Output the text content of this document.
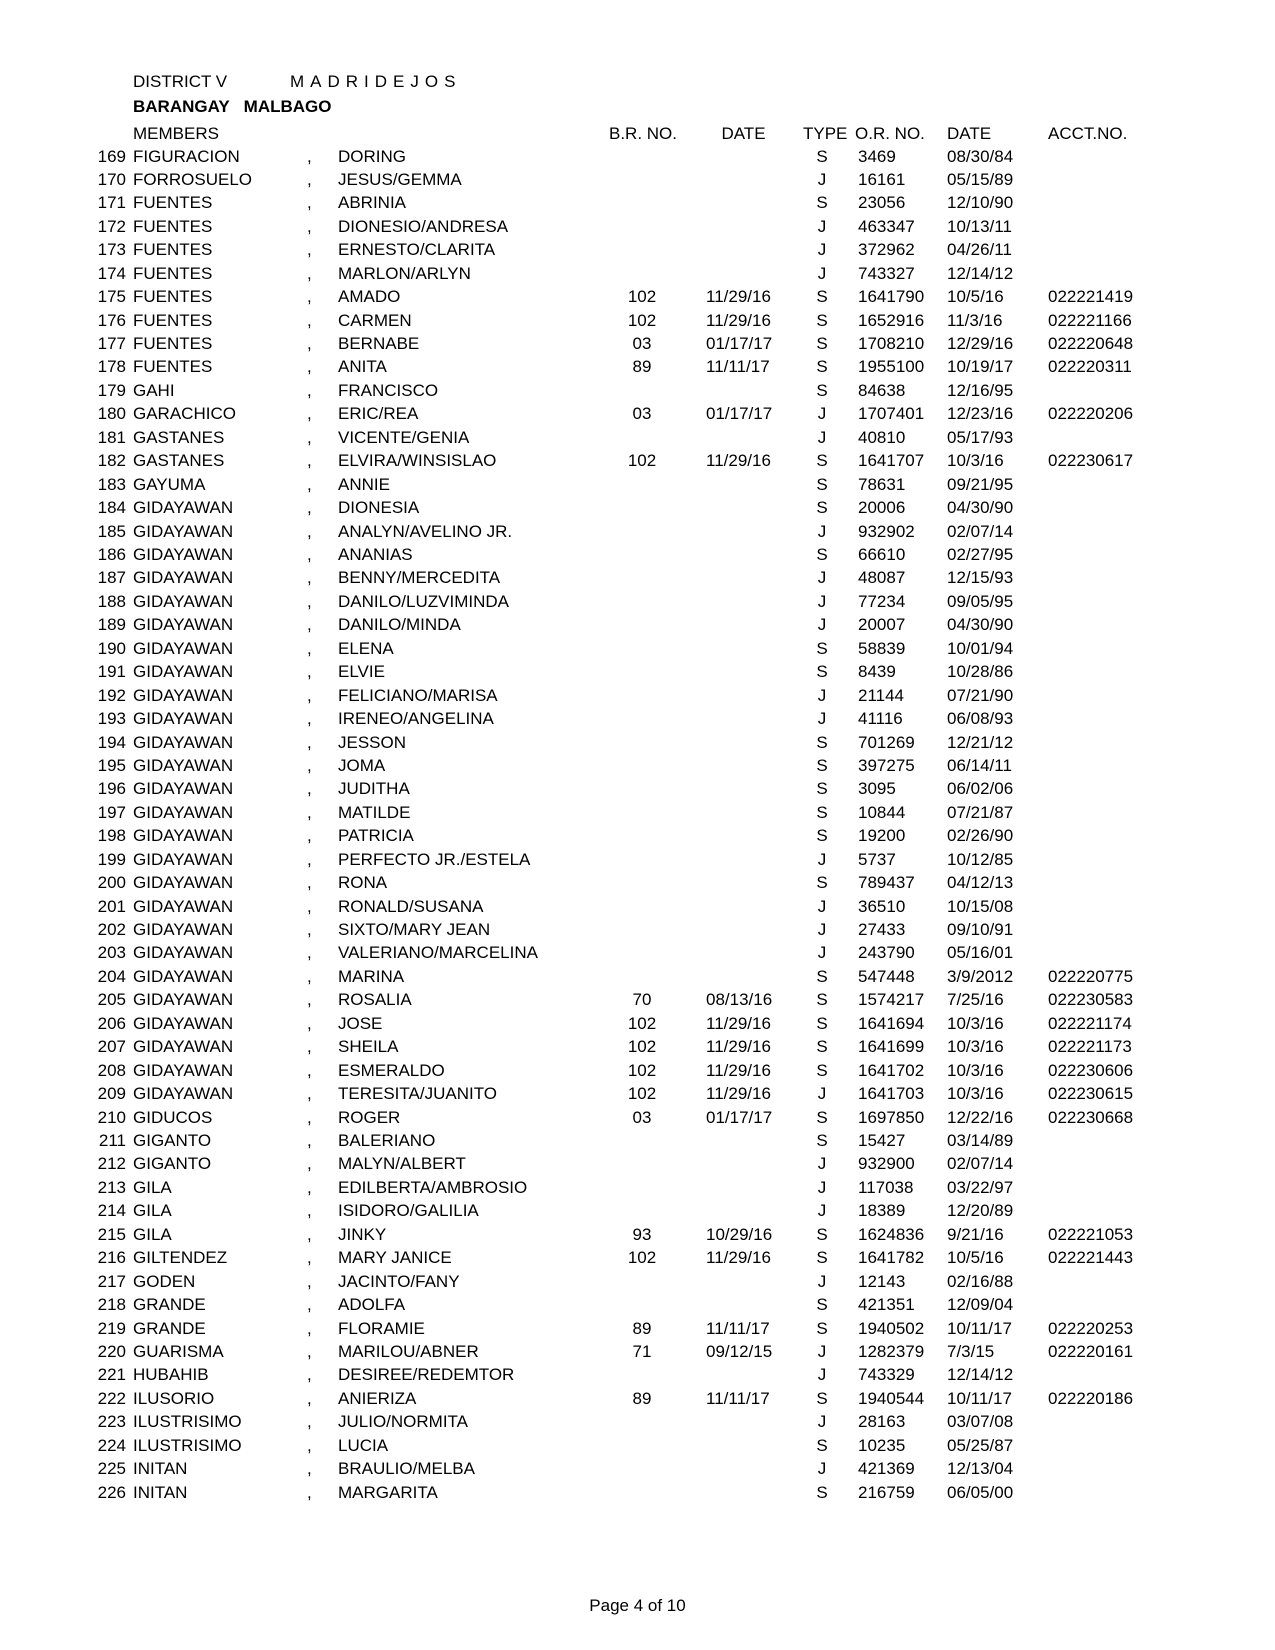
DISTRICT V	MADRIDEJOS
BARANGAY MALBAGO
MEMBERS	B.R. NO.	DATE	TYPE O.R. NO. DATE	ACCT.NO.
169 FIGURACION	, DORING	S	3469	08/30/84
170 FORROSUELO	, JESUS/GEMMA	J	16161 05/15/89
171 FUENTES	, ABRINIA	S	23056 12/10/90
172 FUENTES	, DIONESIO/ANDRESA	J	463347 10/13/11
173 FUENTES	, ERNESTO/CLARITA	J	372962 04/26/11
174 FUENTES	, MARLON/ARLYN	J	743327 12/14/12
175 FUENTES	, AMADO	102	11/29/16	S	1641790 10/5/16	022221419
176 FUENTES	, CARMEN	102	11/29/16	S	1652916 11/3/16	022221166
177 FUENTES	, BERNABE	03	01/17/17	S	1708210 12/29/16 022220648
178 FUENTES	, ANITA	89	11/11/17	S	1955100 10/19/17 022220311
179 GAHI	, FRANCISCO	S	84638 12/16/95
180 GARACHICO	, ERIC/REA	03	01/17/17	J	1707401 12/23/16 022220206
181 GASTANES	, VICENTE/GENIA	J	40810 05/17/93
182 GASTANES	, ELVIRA/WINSISLAO	102	11/29/16	S	1641707 10/3/16	022230617
183 GAYUMA	, ANNIE	S	78631 09/21/95
184 GIDAYAWAN	, DIONESIA	S	20006 04/30/90
185 GIDAYAWAN	, ANALYN/AVELINO JR.	J	932902 02/07/14
186 GIDAYAWAN	, ANANIAS	S	66610 02/27/95
187 GIDAYAWAN	, BENNY/MERCEDITA	J	48087 12/15/93
188 GIDAYAWAN	, DANILO/LUZVIMINDA	J	77234 09/05/95
189 GIDAYAWAN	, DANILO/MINDA	J	20007 04/30/90
190 GIDAYAWAN	, ELENA	S	58839 10/01/94
191 GIDAYAWAN	, ELVIE	S	8439	10/28/86
192 GIDAYAWAN	, FELICIANO/MARISA	J	21144	07/21/90
193 GIDAYAWAN	, IRENEO/ANGELINA	J	41116	06/08/93
194 GIDAYAWAN	, JESSON	S	701269 12/21/12
195 GIDAYAWAN	, JOMA	S	397275 06/14/11
196 GIDAYAWAN	, JUDITHA	S	3095	06/02/06
197 GIDAYAWAN	, MATILDE	S	10844 07/21/87
198 GIDAYAWAN	, PATRICIA	S	19200 02/26/90
199 GIDAYAWAN	, PERFECTO JR./ESTELA	J	5737	10/12/85
200 GIDAYAWAN	, RONA	S	789437 04/12/13
201 GIDAYAWAN	, RONALD/SUSANA	J	36510 10/15/08
202 GIDAYAWAN	, SIXTO/MARY JEAN	J	27433 09/10/91
203 GIDAYAWAN	, VALERIANO/MARCELINA	J	243790 05/16/01
204 GIDAYAWAN	, MARINA	S	547448 3/9/2012 022220775
205 GIDAYAWAN	, ROSALIA	70	08/13/16	S	1574217 7/25/16	022230583
206 GIDAYAWAN	, JOSE	102	11/29/16	S	1641694 10/3/16	022221174
207 GIDAYAWAN	, SHEILA	102	11/29/16	S	1641699 10/3/16	022221173
208 GIDAYAWAN	, ESMERALDO	102	11/29/16	S	1641702 10/3/16	022230606
209 GIDAYAWAN	, TERESITA/JUANITO	102	11/29/16	J	1641703 10/3/16	022230615
210 GIDUCOS	, ROGER	03	01/17/17	S	1697850 12/22/16 022230668
211 GIGANTO	, BALERIANO	S	15427 03/14/89
212 GIGANTO	, MALYN/ALBERT	J	932900 02/07/14
213 GILA	, EDILBERTA/AMBROSIO	J	117038 03/22/97
214 GILA	, ISIDORO/GALILIA	J	18389 12/20/89
215 GILA	, JINKY	93	10/29/16	S	1624836 9/21/16	022221053
216 GILTENDEZ	, MARY JANICE	102	11/29/16	S	1641782 10/5/16	022221443
217 GODEN	, JACINTO/FANY	J	12143 02/16/88
218 GRANDE	, ADOLFA	S	421351 12/09/04
219 GRANDE	, FLORAMIE	89	11/11/17	S	1940502 10/11/17 022220253
220 GUARISMA	, MARILOU/ABNER	71	09/12/15	J	1282379 7/3/15	022220161
221 HUBAHIB	, DESIREE/REDEMTOR	J	743329 12/14/12
222 ILUSORIO	, ANIERIZA	89	11/11/17	S	1940544 10/11/17 022220186
223 ILUSTRISIMO	, JULIO/NORMITA	J	28163 03/07/08
224 ILUSTRISIMO	, LUCIA	S	10235 05/25/87
225 INITAN	, BRAULIO/MELBA	J	421369 12/13/04
226 INITAN	, MARGARITA	S	216759 06/05/00
Page 4 of 10
